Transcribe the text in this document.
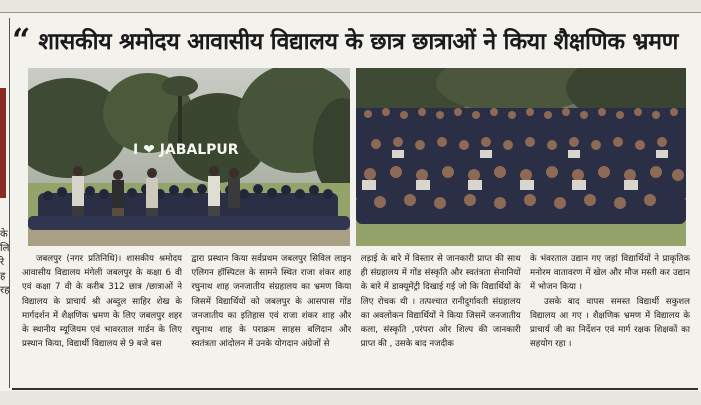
के लि रे ह रह
“ शासकीय श्रमोदय आवासीय विद्यालय के छात्र छात्राओं ने किया शैक्षणिक भ्रमण
I ❤ JABALPUR

जबलपुर (नगर प्रतिनिधि)। शासकीय श्रमोदय आवासीय विद्यालय मंगेली जबलपुर के कक्षा 6 वी एवं कक्षा 7 वी के करीब 312 छात्र /छात्राओं ने विद्यालय के प्राचार्य श्री अब्दुल साहिर शेख के मार्गदर्शन में शैक्षणिक भ्रमण के लिए जबलपुर शहर के स्थानीय म्यूजियम एवं भावरताल गार्डन के लिए प्रस्थान किया, विद्यार्थी विद्यालय से 9 बजे बस

द्वारा प्रस्थान किया सर्वप्रथम जबलपुर सिविल लाइन एलिगन हॉस्पिटल के सामने स्थित राजा शंकर शाह रघुनाथ शाह जनजातीय संग्रहालय का भ्रमण किया जिसमें विद्यार्थियों को जबलपुर के आसपास गोंड जनजातीय का इतिहास एवं राजा शंकर शाह और रघुनाथ शाह के पराक्रम साहस बलिदान और स्वतंत्रता आंदोलन में उनके योगदान अंग्रेजों से

लड़ाई के बारे में विस्तार से जानकारी प्राप्त की साथ ही संग्रहालय में गोंड संस्कृति और स्वतंत्रता सेनानियों के बारे में डाक्यूमेंट्री दिखाई गई जो कि विद्यार्थियों के लिए रोचक थी । तत्पश्चात रानीदुर्गावती संग्रहालय का अवलोकन विद्यार्थियों ने किया जिसमें जनजातीय कला, संस्कृति ,परंपरा ओर शिल्प की जानकारी प्राप्त की , उसके बाद नजदीक

के भंवरताल उद्यान गए जहां विद्यार्थियों ने प्राकृतिक मनोरम वातावरण में खेल और मौज मस्ती कर उद्यान में भोजन किया ।

उसके बाद वापस समस्त विद्यार्थी सकुशल विद्यालय आ गए । शैक्षणिक भ्रमण में विद्यालय के प्राचार्य जी का निर्देशन एवं मार्ग रक्षक शिक्षकों का सहयोग रहा ।
